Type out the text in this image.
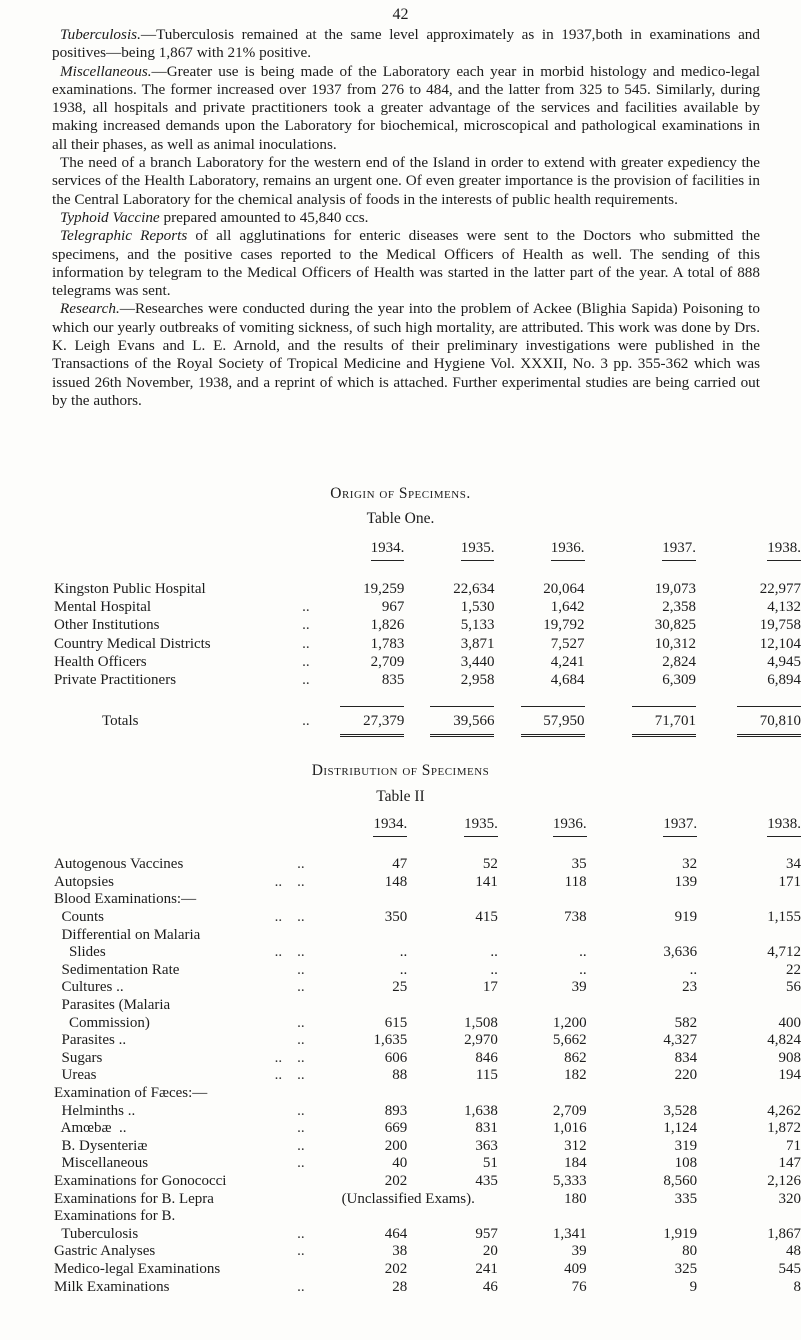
42

Tuberculosis.—Tuberculosis remained at the same level approximately as in 1937,both in examinations and positives—being 1,867 with 21% positive.

Miscellaneous.—Greater use is being made of the Laboratory each year in morbid histology and medico-legal examinations. The former increased over 1937 from 276 to 484, and the latter from 325 to 545. Similarly, during 1938, all hospitals and private practitioners took a greater advantage of the services and facilities available by making increased demands upon the Laboratory for biochemical, microscopical and pathological examinations in all their phases, as well as animal inoculations.

The need of a branch Laboratory for the western end of the Island in order to extend with greater expediency the services of the Health Laboratory, remains an urgent one. Of even greater importance is the provision of facilities in the Central Laboratory for the chemical analysis of foods in the interests of public health requirements.

Typhoid Vaccine prepared amounted to 45,840 ccs.

Telegraphic Reports of all agglutinations for enteric diseases were sent to the Doctors who submitted the specimens, and the positive cases reported to the Medical Officers of Health as well. The sending of this information by telegram to the Medical Officers of Health was started in the latter part of the year. A total of 888 telegrams was sent.

Research.—Researches were conducted during the year into the problem of Ackee (Blighia Sapida) Poisoning to which our yearly outbreaks of vomiting sickness, of such high mortality, are attributed. This work was done by Drs. K. Leigh Evans and L. E. Arnold, and the results of their preliminary investigations were published in the Transactions of the Royal Society of Tropical Medicine and Hygiene Vol. XXXII, No. 3 pp. 355-362 which was issued 26th November, 1938, and a reprint of which is attached. Further experimental studies are being carried out by the authors.

Origin of Specimens.
Table One.
	1934.	1935.	1936.	1937.	1938.
Kingston Public Hospital	19,259	22,634	20,064	19,073	22,977
Mental Hospital ..	967	1,530	1,642	2,358	4,132
Other Institutions ..	1,826	5,133	19,792	30,825	19,758
Country Medical Districts ..	1,783	3,871	7,527	10,312	12,104
Health Officers ..	2,709	3,440	4,241	2,824	4,945
Private Practitioners ..	835	2,958	4,684	6,309	6,894

Totals ..	27,379	39,566	57,950	71,701	70,810
Distribution of Specimens
Table II
	1934.	1935.	1936.	1937.	1938.
Autogenous Vaccines ..	47	52	35	32	34
Autopsies ..    ..	148	141	118	139	171
Blood Examinations:—					
Counts ..    ..	350	415	738	919	1,155
Differential on Malaria					
Slides ..    ..	..	..	..	3,636	4,712
Sedimentation Rate ..	..	..	..	..	22
Cultures .. ..	25	17	39	23	56
Parasites (Malaria					
Commission) ..	615	1,508	1,200	582	400
Parasites .. ..	1,635	2,970	5,662	4,327	4,824
Sugars ..    ..	606	846	862	834	908
Ureas ..    ..	88	115	182	220	194
Examination of Fæces:—					
Helminths .. ..	893	1,638	2,709	3,528	4,262
Amœbæ  .. ..	669	831	1,016	1,124	1,872
B. Dysenteriæ ..	200	363	312	319	71
Miscellaneous ..	40	51	184	108	147
Examinations for Gonococci	202	435	5,333	8,560	2,126
Examinations for B. Lepra	(Unclassified Exams).		180	335	320
Examinations for B.					
Tuberculosis ..	464	957	1,341	1,919	1,867
Gastric Analyses ..	38	20	39	80	48
Medico-legal Examinations	202	241	409	325	545
Milk Examinations ..	28	46	76	9	8
